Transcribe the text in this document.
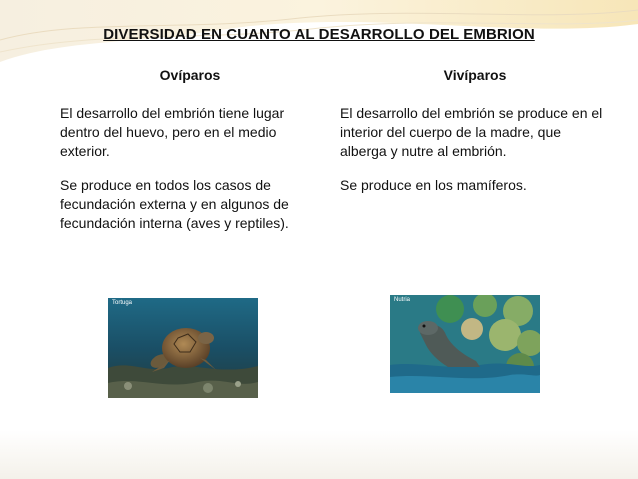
DIVERSIDAD EN CUANTO AL DESARROLLO DEL EMBRION
Ovíparos	Vivíparos
El desarrollo del embrión tiene lugar dentro del huevo, pero en el medio exterior.
Se produce en todos los casos de fecundación externa y en algunos de fecundación interna (aves y reptiles).
El desarrollo del embrión se produce en el interior del cuerpo de la madre, que alberga y nutre al embrión.
Se produce en los mamíferos.
Tortuga	Nutria
